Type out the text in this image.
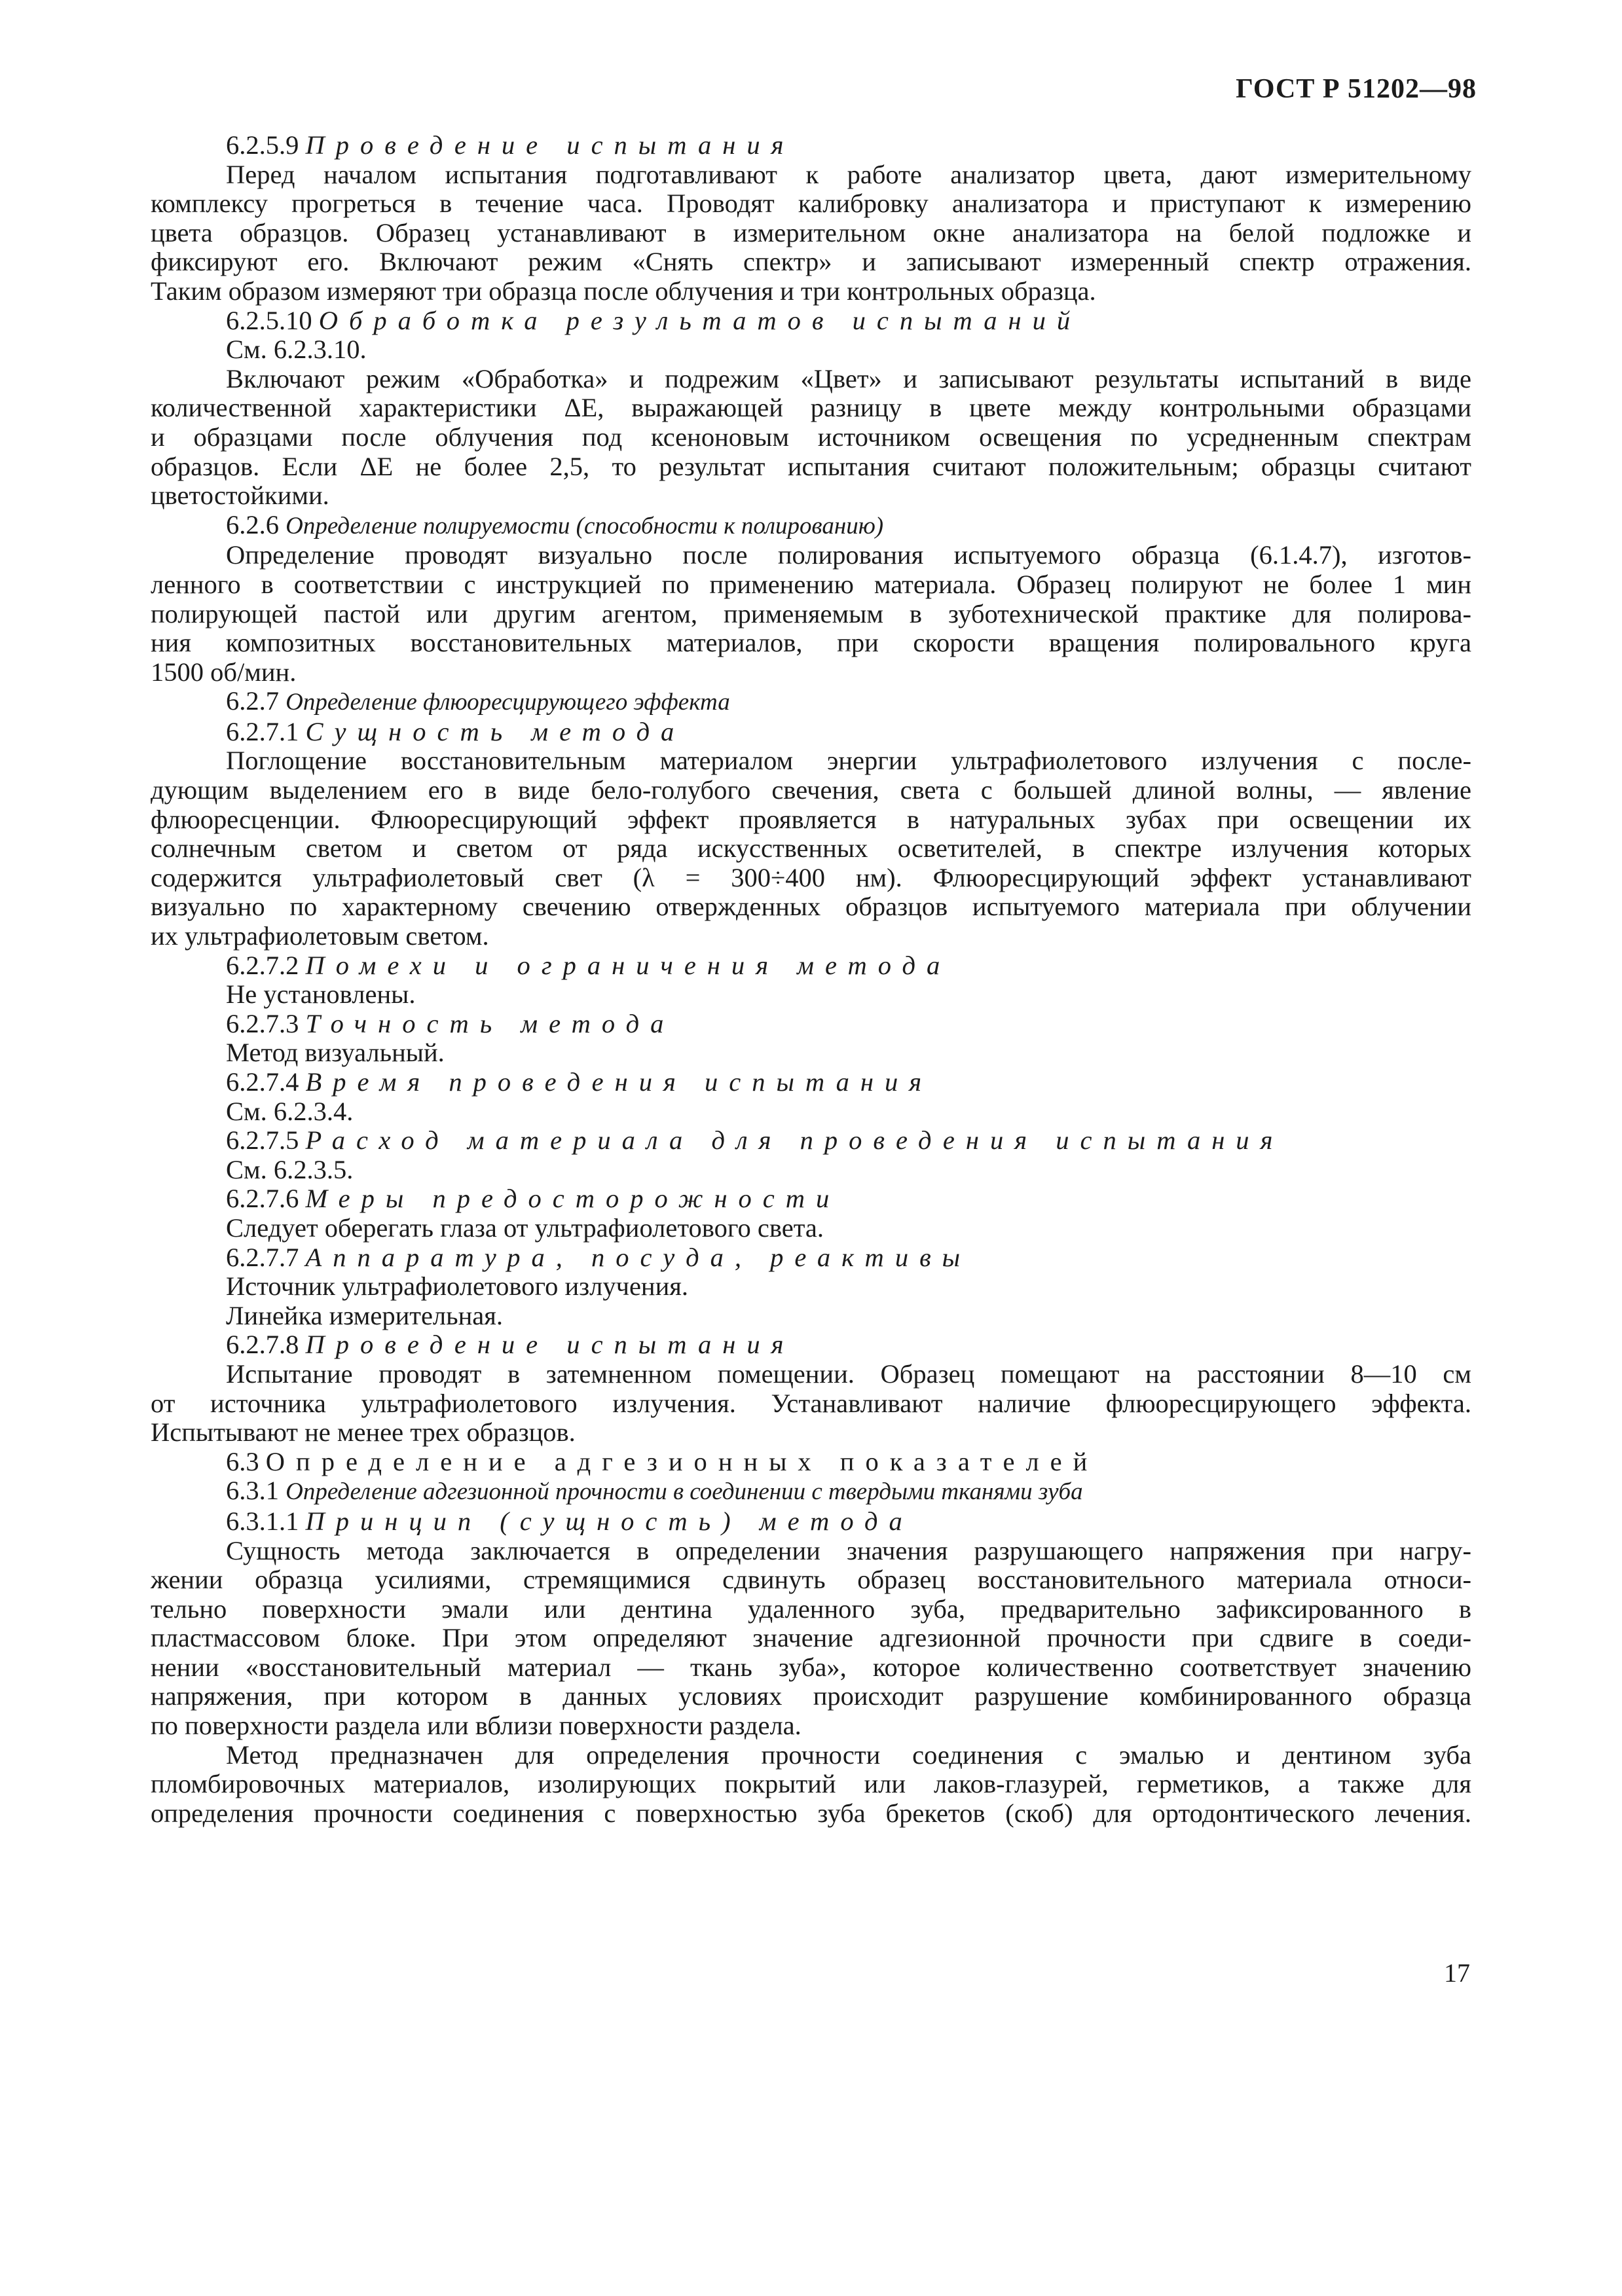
ГОСТ Р 51202—98

6.2.5.9 Проведение испытания

Перед началом испытания подготавливают к работе анализатор цвета, дают измерительному

комплексу прогреться в течение часа. Проводят калибровку анализатора и приступают к измерению

цвета образцов. Образец устанавливают в измерительном окне анализатора на белой подложке и

фиксируют его. Включают режим «Снять спектр» и записывают измеренный спектр отражения.

Таким образом измеряют три образца после облучения и три контрольных образца.

6.2.5.10 Обработка результатов испытаний

См. 6.2.3.10.

Включают режим «Обработка» и подрежим «Цвет» и записывают результаты испытаний в виде

количественной характеристики ΔE, выражающей разницу в цвете между контрольными образцами

и образцами после облучения под ксеноновым источником освещения по усредненным спектрам

образцов. Если ΔE не более 2,5, то результат испытания считают положительным; образцы считают

цветостойкими.

6.2.6 Определение полируемости (способности к полированию)

Определение проводят визуально после полирования испытуемого образца (6.1.4.7), изготов-

ленного в соответствии с инструкцией по применению материала. Образец полируют не более 1 мин

полирующей пастой или другим агентом, применяемым в зуботехнической практике для полирова-

ния композитных восстановительных материалов, при скорости вращения полировального круга

1500 об/мин.

6.2.7 Определение флюоресцирующего эффекта

6.2.7.1 Сущность метода

Поглощение восстановительным материалом энергии ультрафиолетового излучения с после-

дующим выделением его в виде бело-голубого свечения, света с большей длиной волны, — явление

флюоресценции. Флюоресцирующий эффект проявляется в натуральных зубах при освещении их

солнечным светом и светом от ряда искусственных осветителей, в спектре излучения которых

содержится ультрафиолетовый свет (λ = 300÷400 нм). Флюоресцирующий эффект устанавливают

визуально по характерному свечению отвержденных образцов испытуемого материала при облучении

их ультрафиолетовым светом.

6.2.7.2 Помехи и ограничения метода

Не установлены.

6.2.7.3 Точность метода

Метод визуальный.

6.2.7.4 Время проведения испытания

См. 6.2.3.4.

6.2.7.5 Расход материала для проведения испытания

См. 6.2.3.5.

6.2.7.6 Меры предосторожности

Следует оберегать глаза от ультрафиолетового света.

6.2.7.7 Аппаратура, посуда, реактивы

Источник ультрафиолетового излучения.

Линейка измерительная.

6.2.7.8 Проведение испытания

Испытание проводят в затемненном помещении. Образец помещают на расстоянии 8—10 см

от источника ультрафиолетового излучения. Устанавливают наличие флюоресцирующего эффекта.

Испытывают не менее трех образцов.

6.3 Определение адгезионных показателей

6.3.1 Определение адгезионной прочности в соединении с твердыми тканями зуба

6.3.1.1 Принцип (сущность) метода

Сущность метода заключается в определении значения разрушающего напряжения при нагру-

жении образца усилиями, стремящимися сдвинуть образец восстановительного материала относи-

тельно поверхности эмали или дентина удаленного зуба, предварительно зафиксированного в

пластмассовом блоке. При этом определяют значение адгезионной прочности при сдвиге в соеди-

нении «восстановительный материал — ткань зуба», которое количественно соответствует значению

напряжения, при котором в данных условиях происходит разрушение комбинированного образца

по поверхности раздела или вблизи поверхности раздела.

Метод предназначен для определения прочности соединения с эмалью и дентином зуба

пломбировочных материалов, изолирующих покрытий или лаков-глазурей, герметиков, а также для

определения прочности соединения с поверхностью зуба брекетов (скоб) для ортодонтического лечения.

17
